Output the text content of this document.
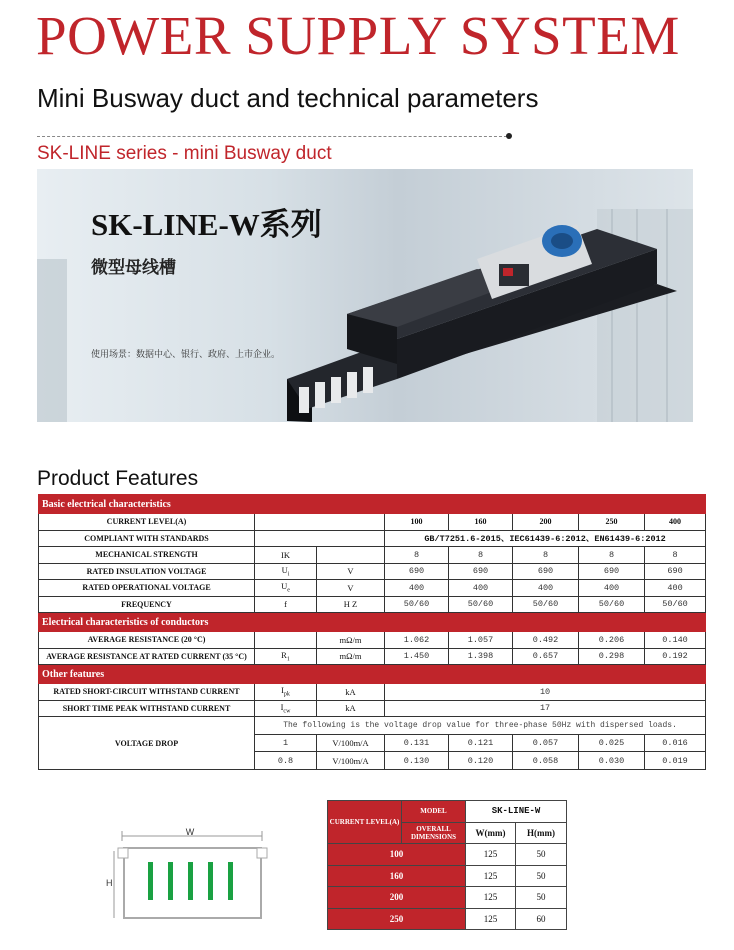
POWER SUPPLY SYSTEM
Mini Busway duct and technical parameters
SK-LINE series - mini Busway duct
SK-LINE-W系列
微型母线槽
使用场景：数据中心、银行、政府、上市企业。
Product Features
Basic electrical characteristics							
CURRENT LEVEL(A)			100	160	200	250	400
COMPLIANT WITH STANDARDS			GB/T7251.6-2015、IEC61439-6:2012、EN61439-6:2012				
MECHANICAL STRENGTH	IK		8	8	8	8	8
RATED INSULATION VOLTAGE	$U_i$	V	690	690	690	690	690
RATED OPERATIONAL VOLTAGE	$U_e$	V	400	400	400	400	400
FREQUENCY	f	H Z	50/60	50/60	50/60	50/60	50/60
Electrical characteristics of conductors							
AVERAGE RESISTANCE (20 °C)		mΩ/m	1.062	1.057	0.492	0.206	0.140
AVERAGE RESISTANCE AT RATED CURRENT (35 °C)	$R_1$	mΩ/m	1.450	1.398	0.657	0.298	0.192
Other features							
RATED SHORT-CIRCUIT WITHSTAND CURRENT	$I_{pk}$	kA	10				
SHORT TIME PEAK WITHSTAND CURRENT	$I_{cw}$	kA	17				
VOLTAGE DROP	The following is the voltage drop value for three-phase 50Hz with dispersed loads.						
	1	V/100m/A	0.131	0.121	0.057	0.025	0.016
	0.8	V/100m/A	0.130	0.120	0.058	0.030	0.019
W
H
CURRENT LEVEL(A)	MODEL	SK-LINE-W	
	OVERALL DIMENSIONS	W(mm)	H(mm)
100		125	50
160		125	50
200		125	50
250		125	60
